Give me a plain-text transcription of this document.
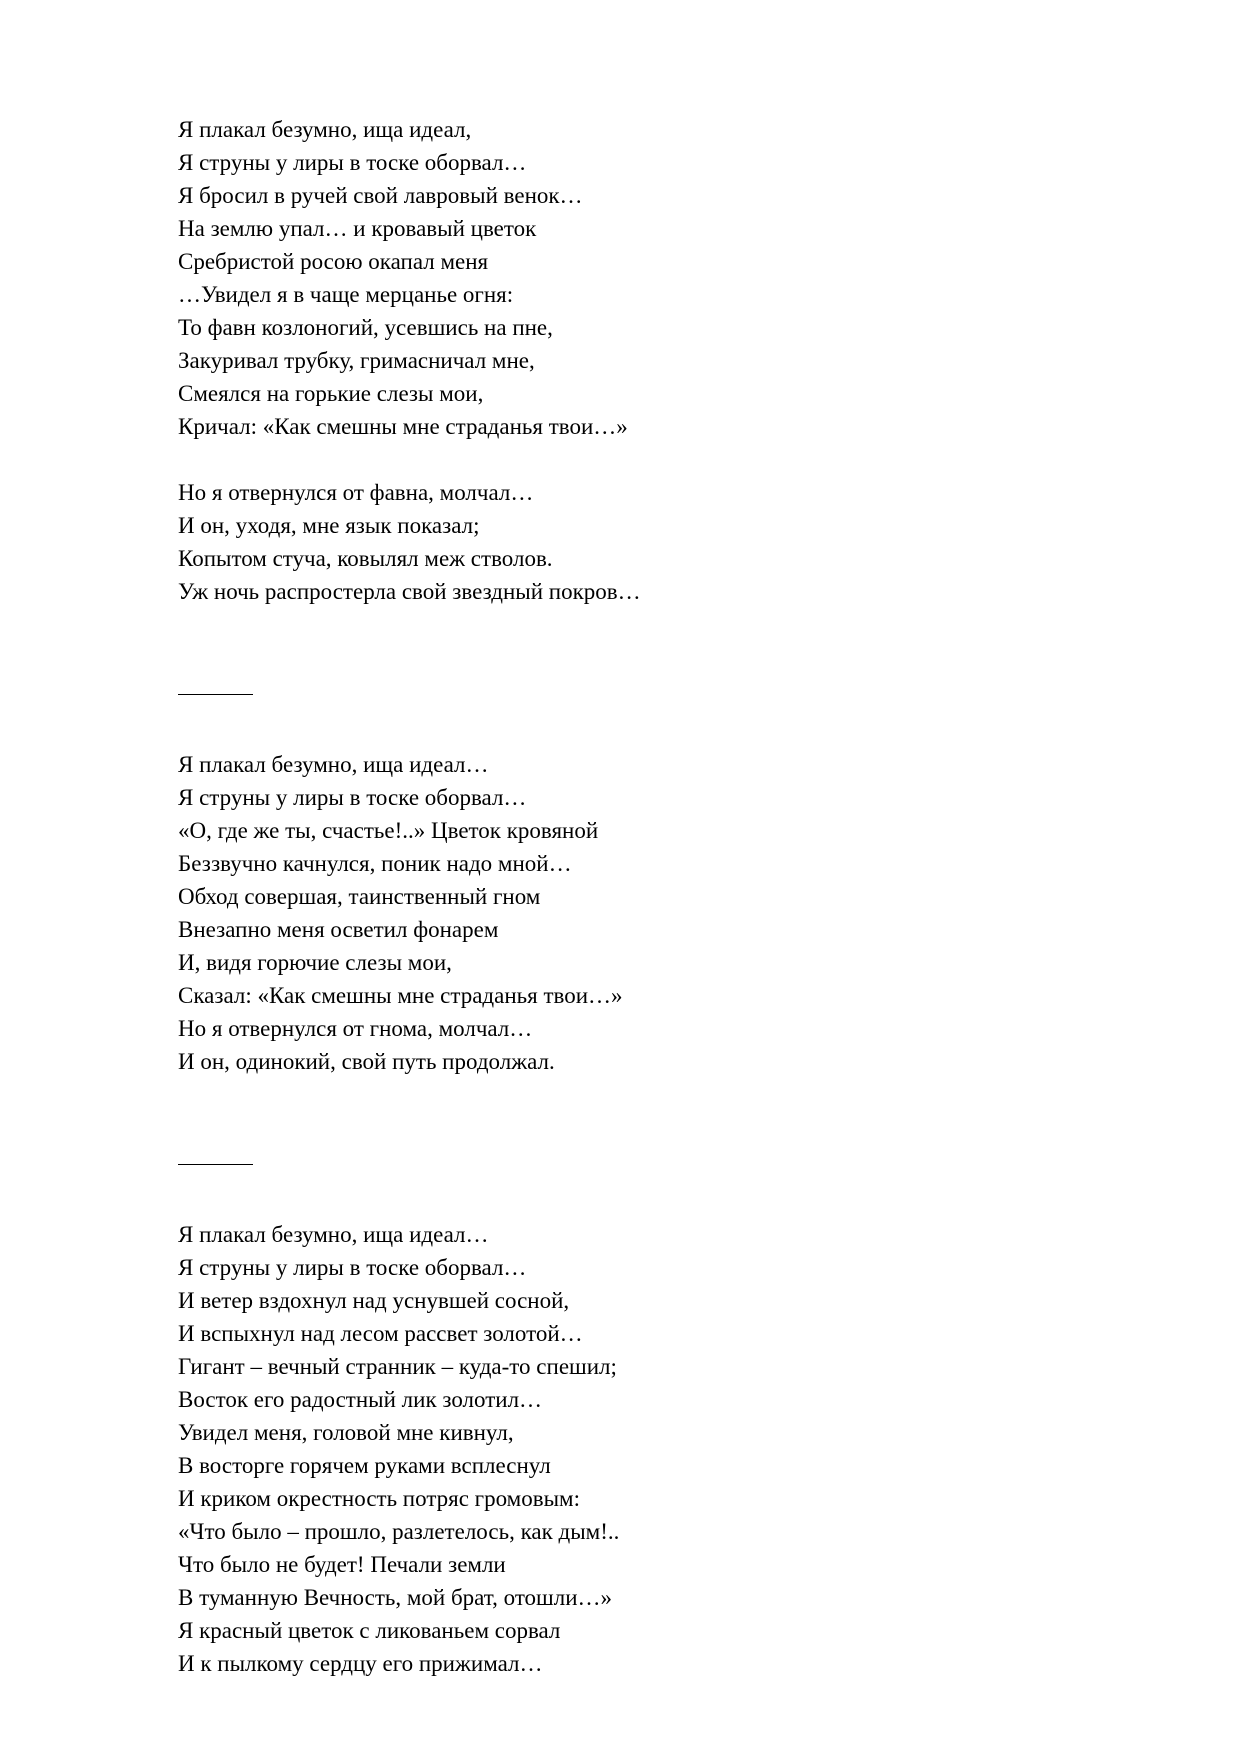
Я плакал безумно, ища идеал,
Я струны у лиры в тоске оборвал…
Я бросил в ручей свой лавровый венок…
На землю упал… и кровавый цветок
Сребристой росою окапал меня
…Увидел я в чаще мерцанье огня:
То фавн козлоногий, усевшись на пне,
Закуривал трубку, гримасничал мне,
Смеялся на горькие слезы мои,
Кричал: «Как смешны мне страданья твои…»
Но я отвернулся от фавна, молчал…
И он, уходя, мне язык показал;
Копытом стуча, ковылял меж стволов.
Уж ночь распростерла свой звездный покров…
Я плакал безумно, ища идеал…
Я струны у лиры в тоске оборвал…
«О, где же ты, счастье!..» Цветок кровяной
Беззвучно качнулся, поник надо мной…
Обход совершая, таинственный гном
Внезапно меня осветил фонарем
И, видя горючие слезы мои,
Сказал: «Как смешны мне страданья твои…»
Но я отвернулся от гнома, молчал…
И он, одинокий, свой путь продолжал.
Я плакал безумно, ища идеал…
Я струны у лиры в тоске оборвал…
И ветер вздохнул над уснувшей сосной,
И вспыхнул над лесом рассвет золотой…
Гигант – вечный странник – куда-то спешил;
Восток его радостный лик золотил…
Увидел меня, головой мне кивнул,
В восторге горячем руками всплеснул
И криком окрестность потряс громовым:
«Что было – прошло, разлетелось, как дым!..
Что было не будет! Печали земли
В туманную Вечность, мой брат, отошли…»
Я красный цветок с ликованьем сорвал
И к пылкому сердцу его прижимал…
